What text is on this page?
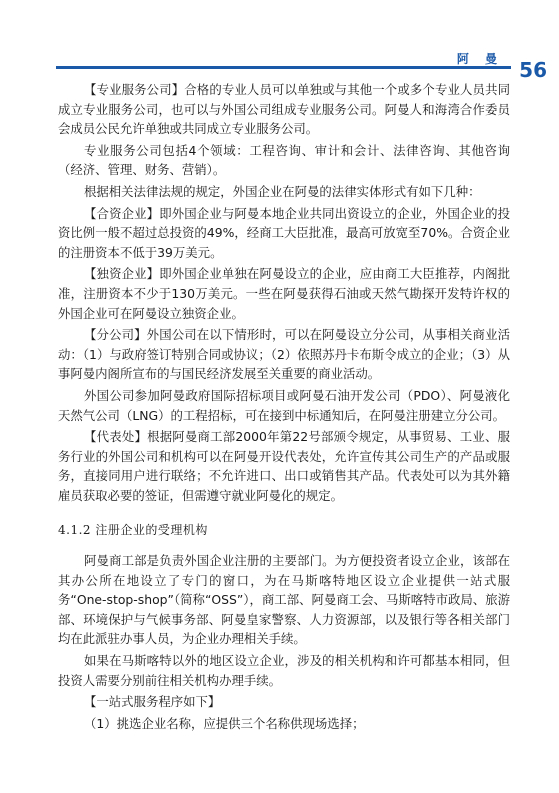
阿 曼 56

【专业服务公司】合格的专业人员可以单独或与其他一个或多个专业人员共同成立专业服务公司，也可以与外国公司组成专业服务公司。阿曼人和海湾合作委员会成员公民允许单独或共同成立专业服务公司。

专业服务公司包括4个领域：工程咨询、审计和会计、法律咨询、其他咨询（经济、管理、财务、营销）。

根据相关法律法规的规定，外国企业在阿曼的法律实体形式有如下几种：

【合资企业】即外国企业与阿曼本地企业共同出资设立的企业，外国企业的投资比例一般不超过总投资的49%，经商工大臣批准，最高可放宽至70%。合资企业的注册资本不低于39万美元。

【独资企业】即外国企业单独在阿曼设立的企业，应由商工大臣推荐，内阁批准，注册资本不少于130万美元。一些在阿曼获得石油或天然气勘探开发特许权的外国企业可在阿曼设立独资企业。

【分公司】外国公司在以下情形时，可以在阿曼设立分公司，从事相关商业活动：（1）与政府签订特别合同或协议；（2）依照苏丹卡布斯令成立的企业；（3）从事阿曼内阁所宣布的与国民经济发展至关重要的商业活动。

外国公司参加阿曼政府国际招标项目或阿曼石油开发公司（PDO）、阿曼液化天然气公司（LNG）的工程招标，可在接到中标通知后，在阿曼注册建立分公司。

【代表处】根据阿曼商工部2000年第22号部颁令规定，从事贸易、工业、服务行业的外国公司和机构可以在阿曼开设代表处，允许宣传其公司生产的产品或服务，直接同用户进行联络；不允许进口、出口或销售其产品。代表处可以为其外籍雇员获取必要的签证，但需遵守就业阿曼化的规定。

4.1.2 注册企业的受理机构

阿曼商工部是负责外国企业注册的主要部门。为方便投资者设立企业，该部在其办公所在地设立了专门的窗口，为在马斯喀特地区设立企业提供一站式服务“One-stop-shop”（简称“OSS”），商工部、阿曼商工会、马斯喀特市政局、旅游部、环境保护与气候事务部、阿曼皇家警察、人力资源部，以及银行等各相关部门均在此派驻办事人员，为企业办理相关手续。

如果在马斯喀特以外的地区设立企业，涉及的相关机构和许可都基本相同，但投资人需要分别前往相关机构办理手续。

【一站式服务程序如下】

（1）挑选企业名称，应提供三个名称供现场选择；
